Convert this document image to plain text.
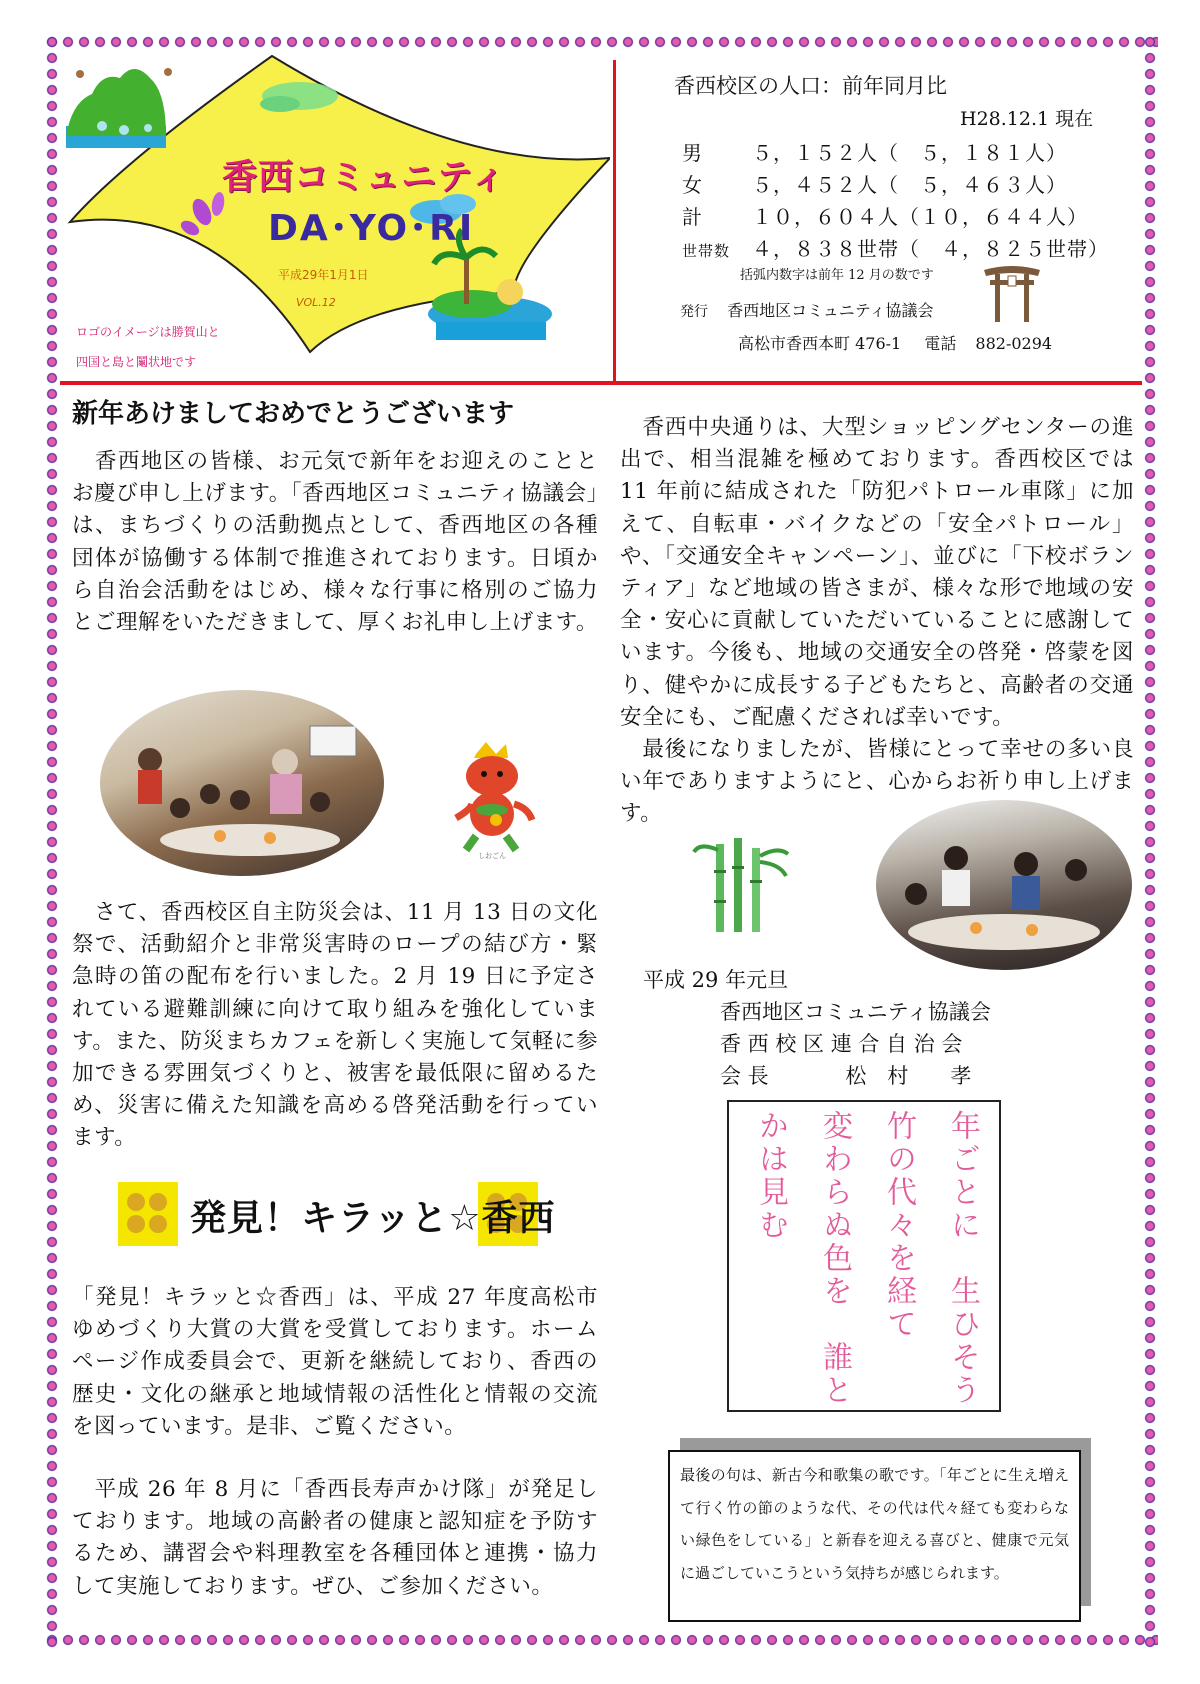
香西コミュニティ
DA･YO･RI
平成29年1月1日
VOL.12
ロゴのイメージは勝賀山と
四国と島と鬮状地です
香西校区の人口：前年同月比
H28.12.1 現在
男 ５，１５２人（　５，１８１人）
女 ５，４５２人（　５，４６３人）
計 １０，６０４人（１０，６４４人）
世帯数 ４，８３８世帯（　４，８２５世帯）
括弧内数字は前年 12 月の数です
発行 香西地区コミュニティ協議会
高松市香西本町 476-1 電話 882-0294
新年あけましておめでとうございます
　香西地区の皆様、お元気で新年をお迎えのこととお慶び申し上げます。「香西地区コミュニティ協議会」は、まちづくりの活動拠点として、香西地区の各種団体が協働する体制で推進されております。日頃から自治会活動をはじめ、様々な行事に格別のご協力とご理解をいただきまして、厚くお礼申し上げます。
しおごん
　さて、香西校区自主防災会は、11 月 13 日の文化祭で、活動紹介と非常災害時のロープの結び方・緊急時の笛の配布を行いました。2 月 19 日に予定されている避難訓練に向けて取り組みを強化しています。また、防災まちカフェを新しく実施して気軽に参加できる雰囲気づくりと、被害を最低限に留めるため、災害に備えた知識を高める啓発活動を行っています。
発見！キラッと☆香西
「発見！キラッと☆香西」は、平成 27 年度高松市ゆめづくり大賞の大賞を受賞しております。ホームページ作成委員会で、更新を継続しており、香西の歴史・文化の継承と地域情報の活性化と情報の交流を図っています。是非、ご覧ください。
　平成 26 年 8 月に「香西長寿声かけ隊」が発足しております。地域の高齢者の健康と認知症を予防するため、講習会や料理教室を各種団体と連携・協力して実施しております。ぜひ、ご参加ください。
　香西中央通りは、大型ショッピングセンターの進出で、相当混雑を極めております。香西校区では 11 年前に結成された「防犯パトロール車隊」に加えて、自転車・バイクなどの「安全パトロール」や、「交通安全キャンペーン」、並びに「下校ボランティア」など地域の皆さまが、様々な形で地域の安全・安心に貢献していただいていることに感謝しています。今後も、地域の交通安全の啓発・啓蒙を図り、健やかに成長する子どもたちと、高齢者の交通安全にも、ご配慮くだされば幸いです。
　最後になりましたが、皆様にとって幸せの多い良い年でありますようにと、心からお祈り申し上げます。
平成 29 年元旦
香西地区コミュニティ協議会
香 西 校 区 連 合 自 治 会
会 長	松　村　　孝
年ごとに　生ひそう
竹の代々を経て
変わらぬ色を　誰と
かは見む
最後の句は、新古今和歌集の歌です。「年ごとに生え増えて行く竹の節のような代、その代は代々経ても変わらない緑色をしている」と新春を迎える喜びと、健康で元気に過ごしていこうという気持ちが感じられます。
